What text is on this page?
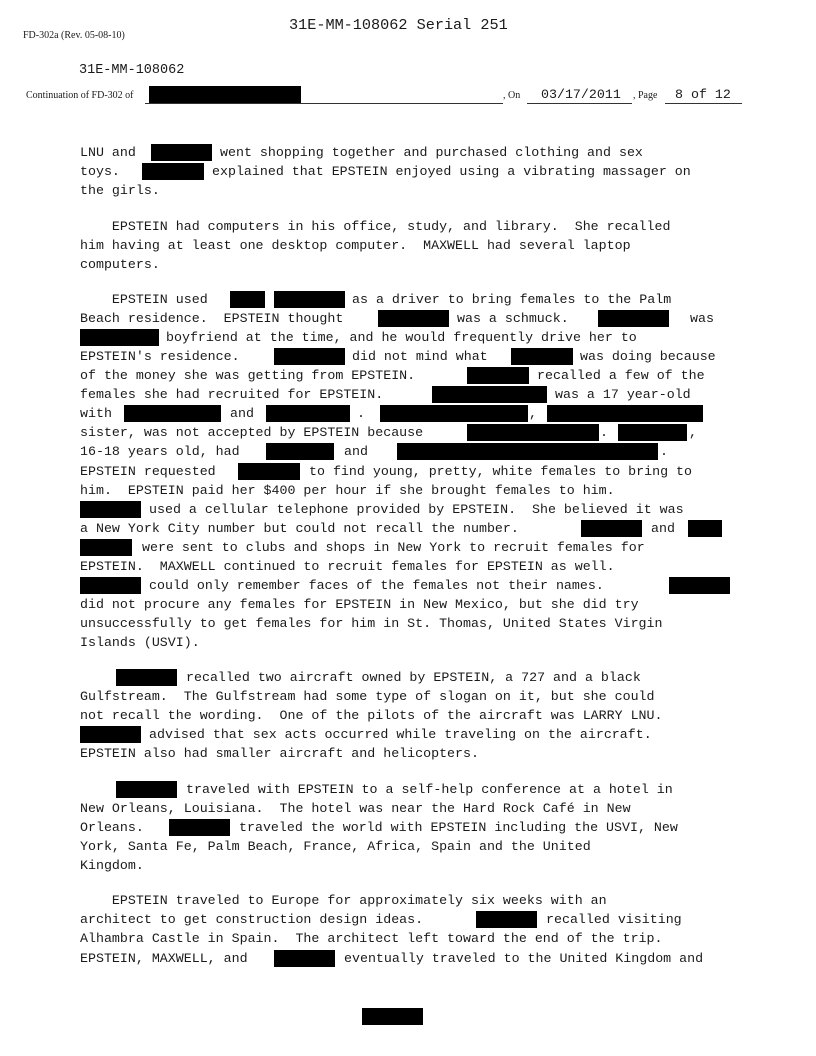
31E-MM-108062 Serial 251
FD-302a (Rev. 05-08-10)
31E-MM-108062
Continuation of FD-302 of	, On 03/17/2011 , Page 8 of 12
LNU and	went shopping together and purchased clothing and sex
toys.	explained that EPSTEIN enjoyed using a vibrating massager on
the girls.
EPSTEIN had computers in his office, study, and library.  She recalled
him having at least one desktop computer.  MAXWELL had several laptop
computers.
EPSTEIN used	as a driver to bring females to the Palm
Beach residence.  EPSTEIN thought	was a schmuck.	was
boyfriend at the time, and he would frequently drive her to
EPSTEIN's residence.	did not mind what	was doing because
of the money she was getting from EPSTEIN.	recalled a few of the
females she had recruited for EPSTEIN.	was a 17 year-old
with	and	.	,
sister, was not accepted by EPSTEIN because	.	,
16-18 years old, had	and	.
EPSTEIN requested	to find young, pretty, white females to bring to
him.  EPSTEIN paid her $400 per hour if she brought females to him.
used a cellular telephone provided by EPSTEIN.  She believed it was
a New York City number but could not recall the number.	and
were sent to clubs and shops in New York to recruit females for
EPSTEIN.  MAXWELL continued to recruit females for EPSTEIN as well.
could only remember faces of the females not their names.
did not procure any females for EPSTEIN in New Mexico, but she did try
unsuccessfully to get females for him in St. Thomas, United States Virgin
Islands (USVI).
recalled two aircraft owned by EPSTEIN, a 727 and a black
Gulfstream.  The Gulfstream had some type of slogan on it, but she could
not recall the wording.  One of the pilots of the aircraft was LARRY LNU.
advised that sex acts occurred while traveling on the aircraft.
EPSTEIN also had smaller aircraft and helicopters.
traveled with EPSTEIN to a self-help conference at a hotel in
New Orleans, Louisiana.  The hotel was near the Hard Rock Café in New
Orleans.	traveled the world with EPSTEIN including the USVI, New
York, Santa Fe, Palm Beach, France, Africa, Spain and the United
Kingdom.
EPSTEIN traveled to Europe for approximately six weeks with an
architect to get construction design ideas.	recalled visiting
Alhambra Castle in Spain.  The architect left toward the end of the trip.
EPSTEIN, MAXWELL, and	eventually traveled to the United Kingdom and
